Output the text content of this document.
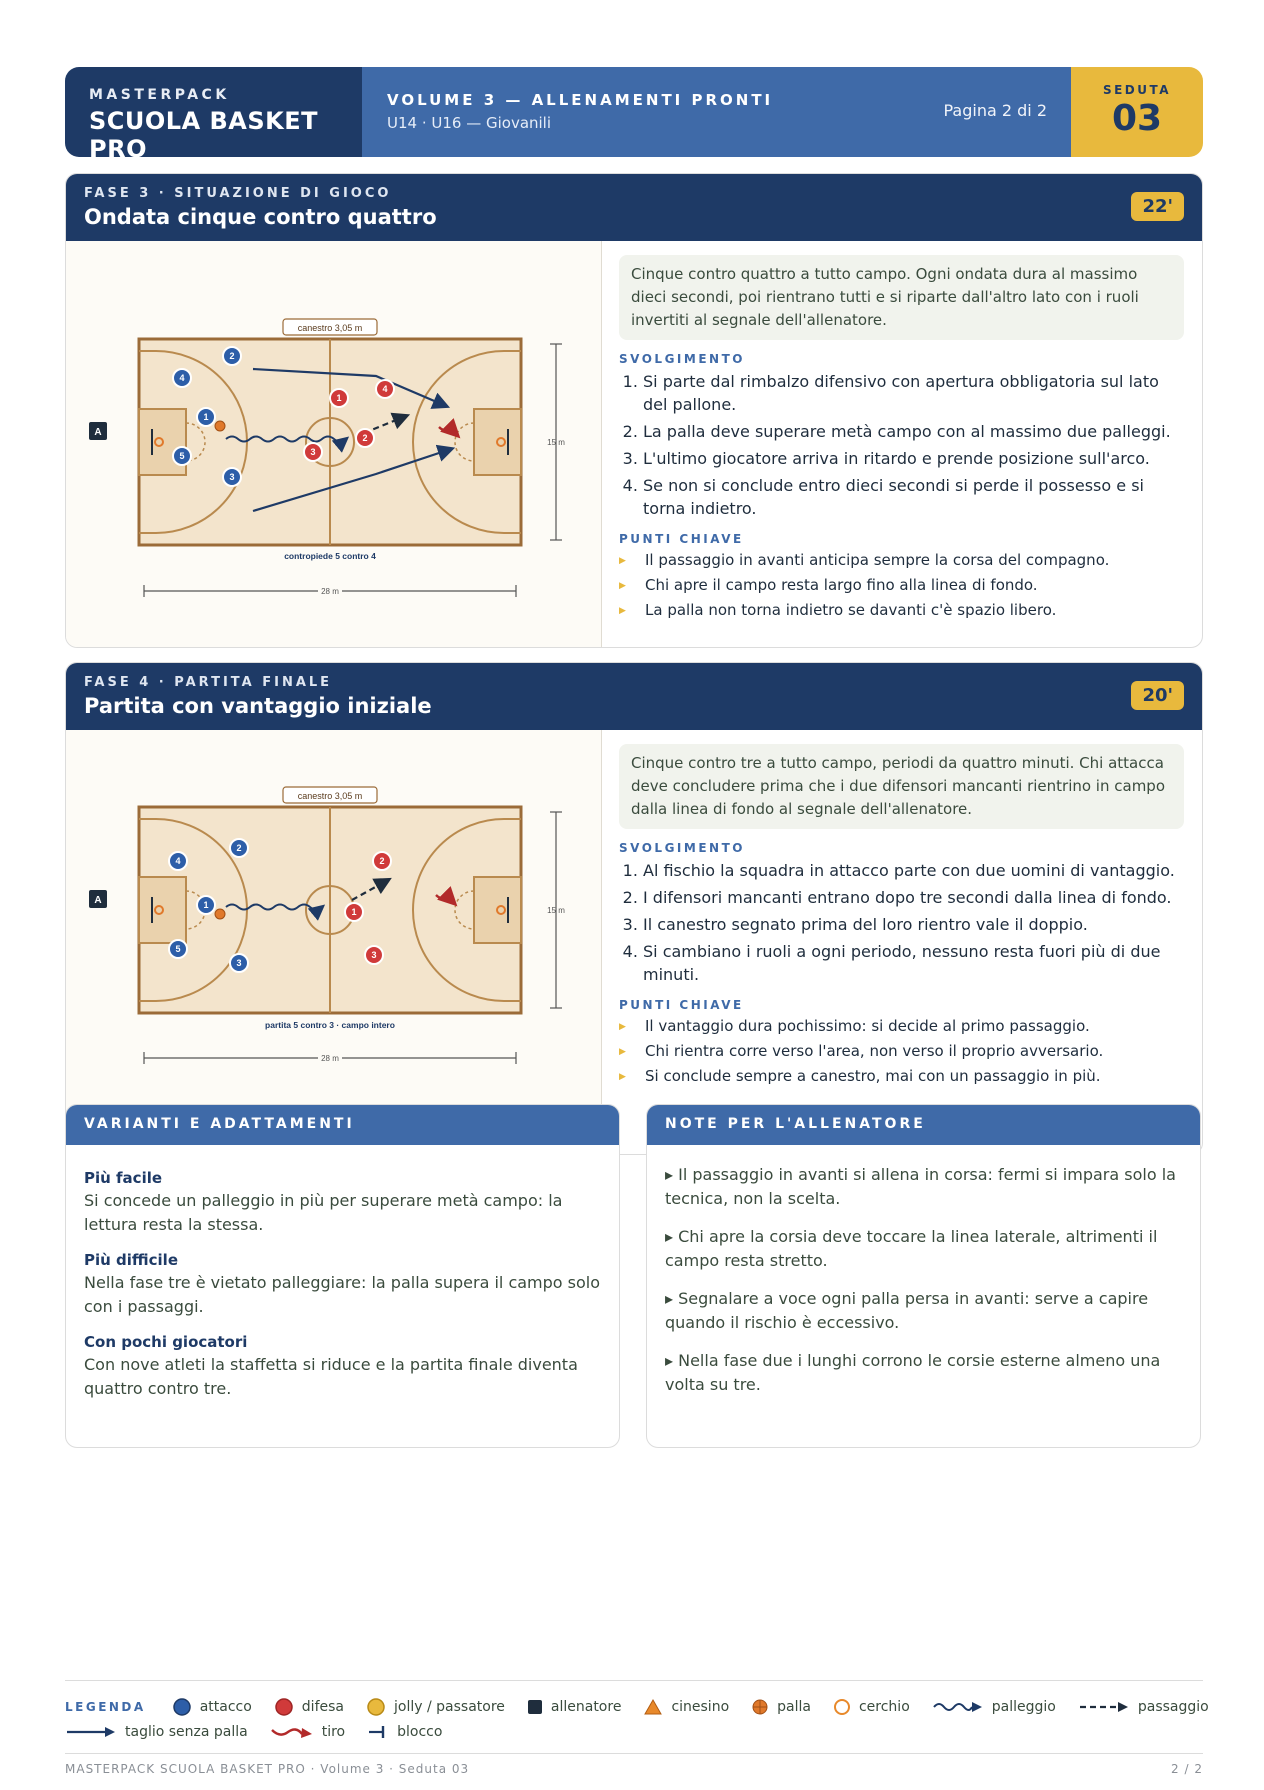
MASTERPACK
SCUOLA BASKET PRO
VOLUME 3 — ALLENAMENTI PRONTI
U14 · U16 — Giovanili
Pagina 2 di 2
SEDUTA
03
FASE 3 · SITUAZIONE DI GIOCO
Ondata cinque contro quattro	22'
canestro 3,05 m
contropiede 5 contro 4
15 m
28 m
A
2
4
1
5
3
1
4
2
3
Cinque contro quattro a tutto campo. Ogni ondata dura al massimo dieci secondi, poi rientrano tutti e si riparte dall'altro lato con i ruoli invertiti al segnale dell'allenatore.
SVOLGIMENTO
1. Si parte dal rimbalzo difensivo con apertura obbligatoria sul lato del pallone.
2. La palla deve superare metà campo con al massimo due palleggi.
3. L'ultimo giocatore arriva in ritardo e prende posizione sull'arco.
4. Se non si conclude entro dieci secondi si perde il possesso e si torna indietro.
PUNTI CHIAVE
▶ Il passaggio in avanti anticipa sempre la corsa del compagno.
▶ Chi apre il campo resta largo fino alla linea di fondo.
▶ La palla non torna indietro se davanti c'è spazio libero.
FASE 4 · PARTITA FINALE
Partita con vantaggio iniziale	20'
canestro 3,05 m
partita 5 contro 3 · campo intero
15 m
28 m
A
2
4
1
5
3
2
1
3
Cinque contro tre a tutto campo, periodi da quattro minuti. Chi attacca deve concludere prima che i due difensori mancanti rientrino in campo dalla linea di fondo al segnale dell'allenatore.
SVOLGIMENTO
1. Al fischio la squadra in attacco parte con due uomini di vantaggio.
2. I difensori mancanti entrano dopo tre secondi dalla linea di fondo.
3. Il canestro segnato prima del loro rientro vale il doppio.
4. Si cambiano i ruoli a ogni periodo, nessuno resta fuori più di due minuti.
PUNTI CHIAVE
▶ Il vantaggio dura pochissimo: si decide al primo passaggio.
▶ Chi rientra corre verso l'area, non verso il proprio avversario.
▶ Si conclude sempre a canestro, mai con un passaggio in più.
VARIANTI E ADATTAMENTI
Più facile
Si concede un palleggio in più per superare metà campo: la lettura resta la stessa.
Più difficile
Nella fase tre è vietato palleggiare: la palla supera il campo solo con i passaggi.
Con pochi giocatori
Con nove atleti la staffetta si riduce e la partita finale diventa quattro contro tre.
NOTE PER L'ALLENATORE

▸ Il passaggio in avanti si allena in corsa: fermi si impara solo la tecnica, non la scelta.

▸ Chi apre la corsia deve toccare la linea laterale, altrimenti il campo resta stretto.

▸ Segnalare a voce ogni palla persa in avanti: serve a capire quando il rischio è eccessivo.

▸ Nella fase due i lunghi corrono le corsie esterne almeno una volta su tre.

LEGENDA	attacco	difesa	jolly / passatore	allenatore	cinesino	palla	cerchio	palleggio	passaggio
taglio senza palla	tiro	blocco
MASTERPACK SCUOLA BASKET PRO · Volume 3 · Seduta 03	2 / 2
